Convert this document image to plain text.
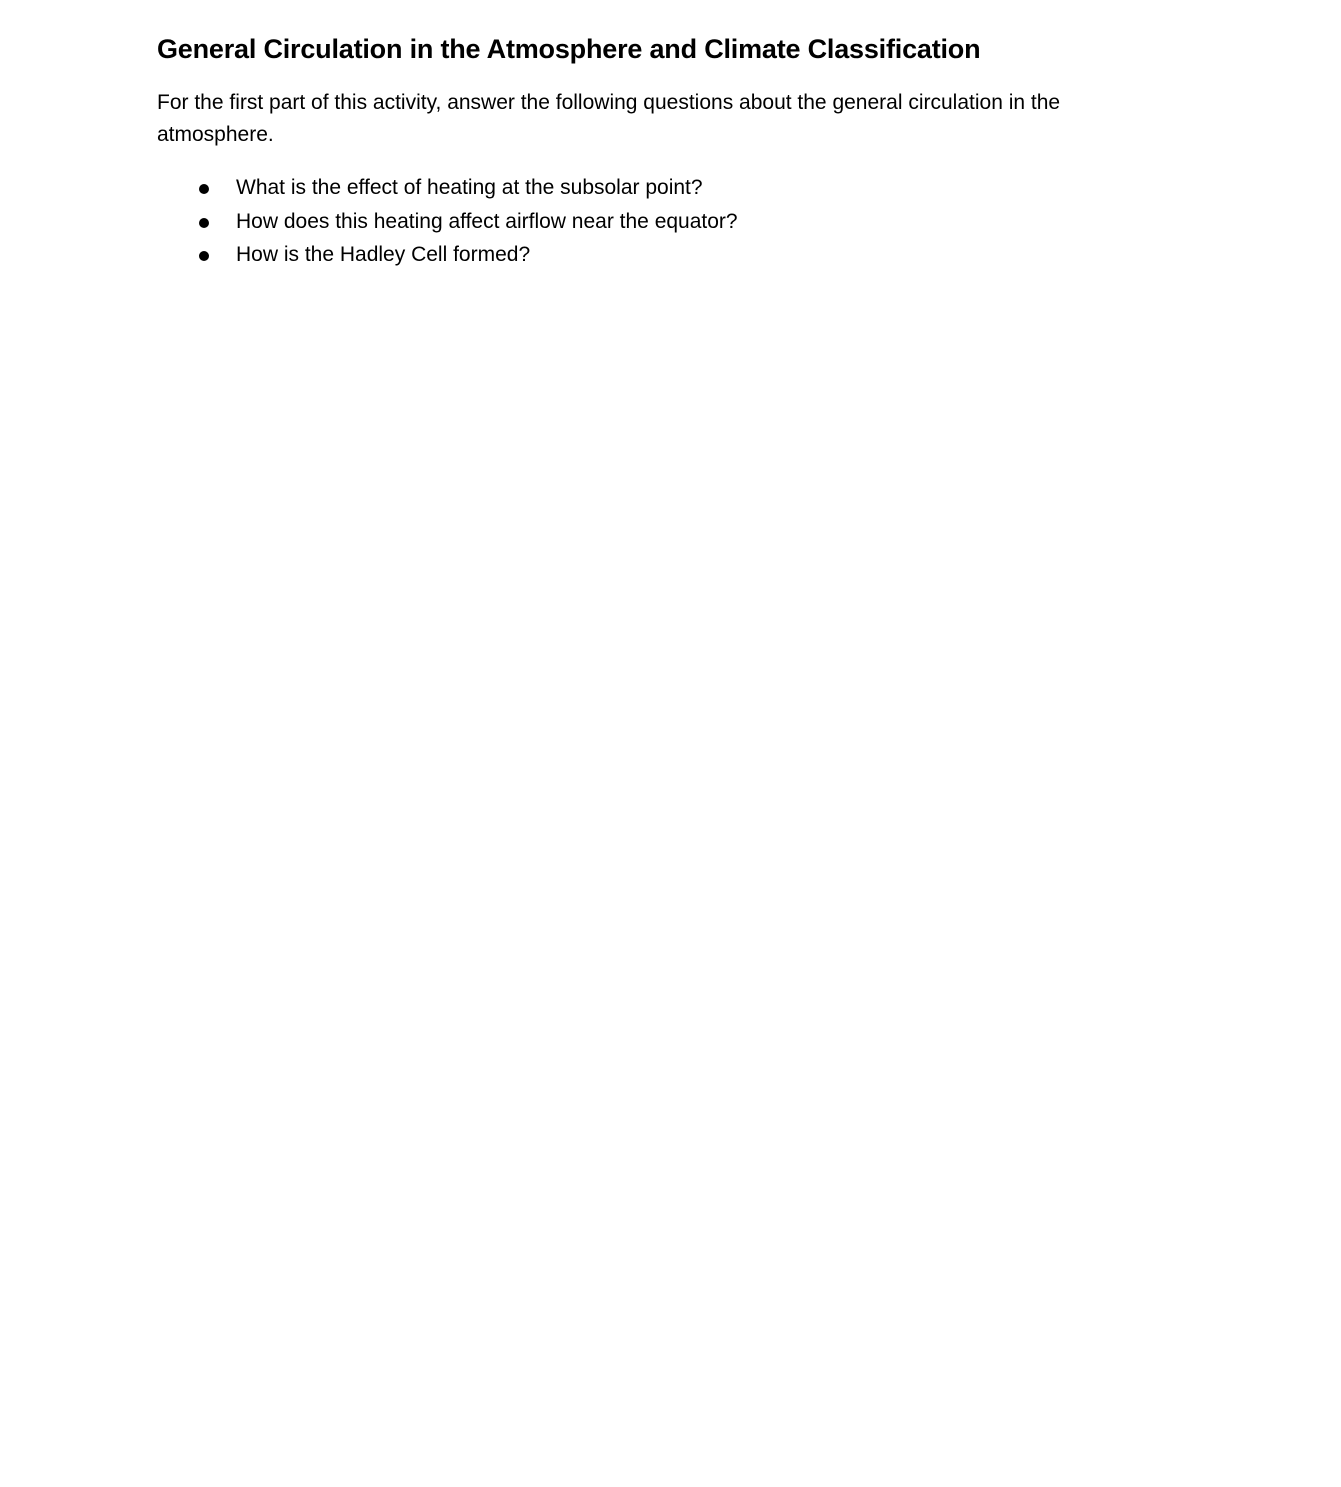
General Circulation in the Atmosphere and Climate Classification

For the first part of this activity, answer the following questions about the general circulation in the atmosphere.

What is the effect of heating at the subsolar point?
How does this heating affect airflow near the equator?
How is the Hadley Cell formed?
